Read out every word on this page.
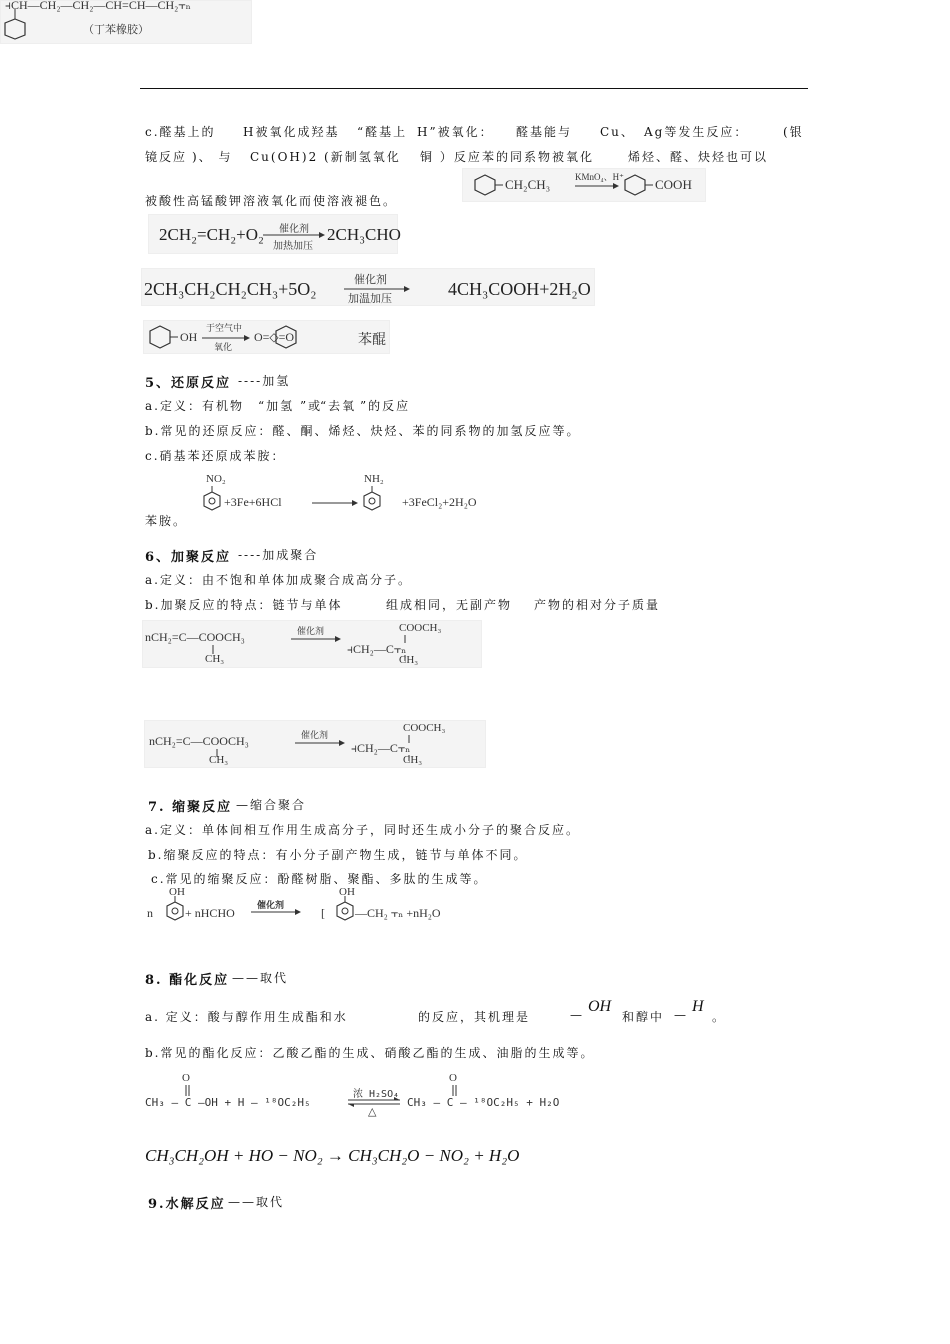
⫞CH—CH₂—CH₂—CH=CH—CH₂⫟ₙ
（丁苯橡胶）
c.醛基上的 H被氧化成羟基 “醛基上 H”被氧化： 醛基能与 Cu、 Ag等发生反应：	(银
镜反应 )、 与 Cu(OH)2 (新制氢氧化 铜 ）反应 苯的同系物被氧化	烯烃、醛、炔烃也可以
被酸性高锰酸钾溶液氧化而使溶液褪色。
CH₂CH₃	KMnO₄、H⁺ COOH
2CH₂=CH₂+O₂ 催化剂
加热加压
2CH₃CHO
2CH₃CH₂CH₂CH₃+5O₂	催化剂
加温加压	4CH₃COOH+2H₂O
OH
于空气中
氧化
O=◇=O	苯醌
5、还原反应 ----加氢
a.定义：有机物 “加氢 ”或
“去氧 ”的反应
b.常见的还原反应：醛、酮、烯烃、炔烃、苯的同系物的加氢反应等。
c.硝基苯还原成苯胺：
NO₂
+3Fe+6HCl
NH₂
+3FeCl₂+2H₂O
苯胺。
6、加聚反应 ----加成聚合
a.定义：由不饱和单体加成聚合成高分子。
b.加聚反应的特点：链节与单体	组成相同，无副产物 产物的相对分子质量
nCH₂=C—COOCH₃
CH₃
催化剂
⫞CH₂—C⫟ₙ
COOCH₃
CH₃
nCH₂=C—COOCH₃
CH₃
催化剂
⫞CH₂—C⫟ₙ
COOCH₃
CH₃
7. 缩聚反应 —缩合聚合
a.定义：单体间相互作用生成高分子，同时还生成小分子的聚合反应。
b.缩聚反应的特点：有小分子副产物生成，链节与单体不同。
c.常见的缩聚反应：酚醛树脂、聚酯、多肽的生成等。
n
OH
+ nHCHO
催化剂
[
OH
—CH₂ ⫟ₙ +nH₂O
8. 酯化反应 ——取代
a. 定义：酸与醇作用生成酯和水	的反应，其机理是	— OH
和醇中 — H
。
b.常见的酯化反应：乙酸乙酯的生成、硝酸乙酯的生成、油脂的生成等。
O	O
CH₃ — C —OH + H — ¹⁸OC₂H₅
浓 H₂SO₄
△
CH₃ — C — ¹⁸OC₂H₅ + H₂O
CH₃CH₂OH + HO − NO₂ → CH₃CH₂O − NO₂ + H₂O
9.水解反应 ——取代
